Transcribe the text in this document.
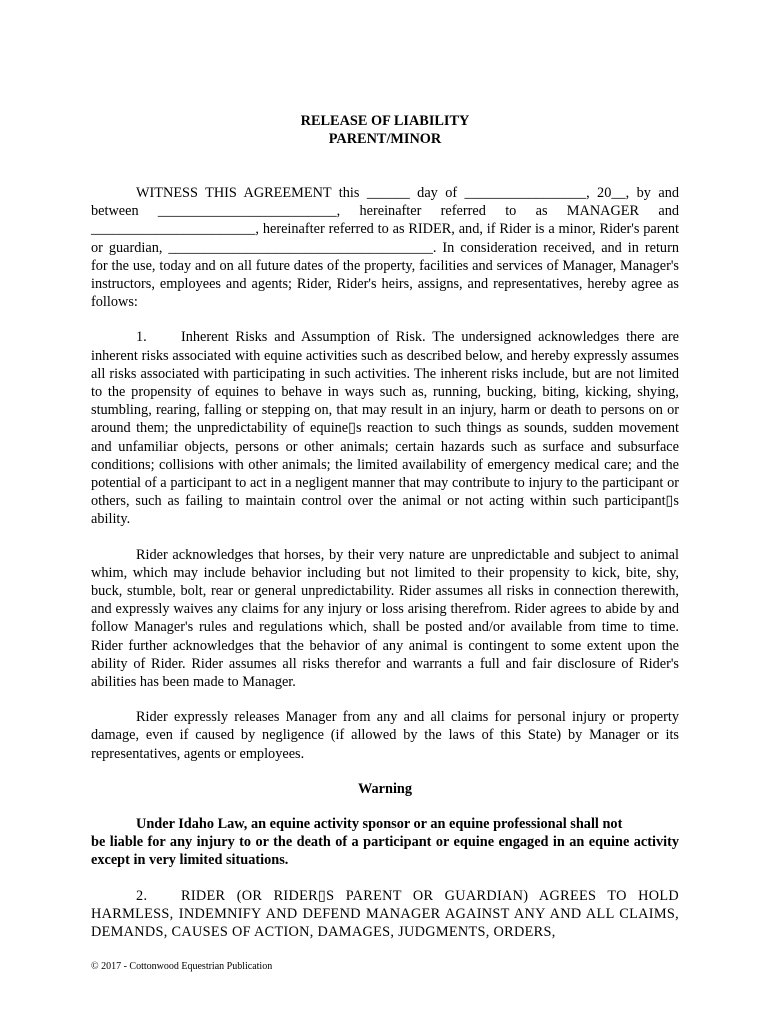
RELEASE OF LIABILITY

PARENT/MINOR

WITNESS THIS AGREEMENT this ______ day of _________________, 20__, by and between _________________________, hereinafter referred to as MANAGER and _______________________, hereinafter referred to as RIDER, and, if Rider is a minor, Rider's parent or guardian, _____________________________________. In consideration received, and in return for the use, today and on all future dates of the property, facilities and services of Manager, Manager's instructors, employees and agents; Rider, Rider's heirs, assigns, and representatives, hereby agree as follows:

1. Inherent Risks and Assumption of Risk. The undersigned acknowledges there are inherent risks associated with equine activities such as described below, and hereby expressly assumes all risks associated with participating in such activities. The inherent risks include, but are not limited to the propensity of equines to behave in ways such as, running, bucking, biting, kicking, shying, stumbling, rearing, falling or stepping on, that may result in an injury, harm or death to persons on or around them; the unpredictability of equine▯s reaction to such things as sounds, sudden movement and unfamiliar objects, persons or other animals; certain hazards such as surface and subsurface conditions; collisions with other animals; the limited availability of emergency medical care; and the potential of a participant to act in a negligent manner that may contribute to injury to the participant or others, such as failing to maintain control over the animal or not acting within such participant▯s ability.

Rider acknowledges that horses, by their very nature are unpredictable and subject to animal whim, which may include behavior including but not limited to their propensity to kick, bite, shy, buck, stumble, bolt, rear or general unpredictability. Rider assumes all risks in connection therewith, and expressly waives any claims for any injury or loss arising therefrom. Rider agrees to abide by and follow Manager's rules and regulations which, shall be posted and/or available from time to time. Rider further acknowledges that the behavior of any animal is contingent to some extent upon the ability of Rider. Rider assumes all risks therefor and warrants a full and fair disclosure of Rider's abilities has been made to Manager.

Rider expressly releases Manager from any and all claims for personal injury or property damage, even if caused by negligence (if allowed by the laws of this State) by Manager or its representatives, agents or employees.

Warning

Under Idaho Law, an equine activity sponsor or an equine professional shall not
be liable for any injury to or the death of a participant or equine engaged in an equine activity except in very limited situations.

2. RIDER (OR RIDER▯S PARENT OR GUARDIAN) AGREES TO HOLD HARMLESS, INDEMNIFY AND DEFEND MANAGER AGAINST ANY AND ALL CLAIMS, DEMANDS, CAUSES OF ACTION, DAMAGES, JUDGMENTS, ORDERS,

© 2017 - Cottonwood Equestrian Publication
